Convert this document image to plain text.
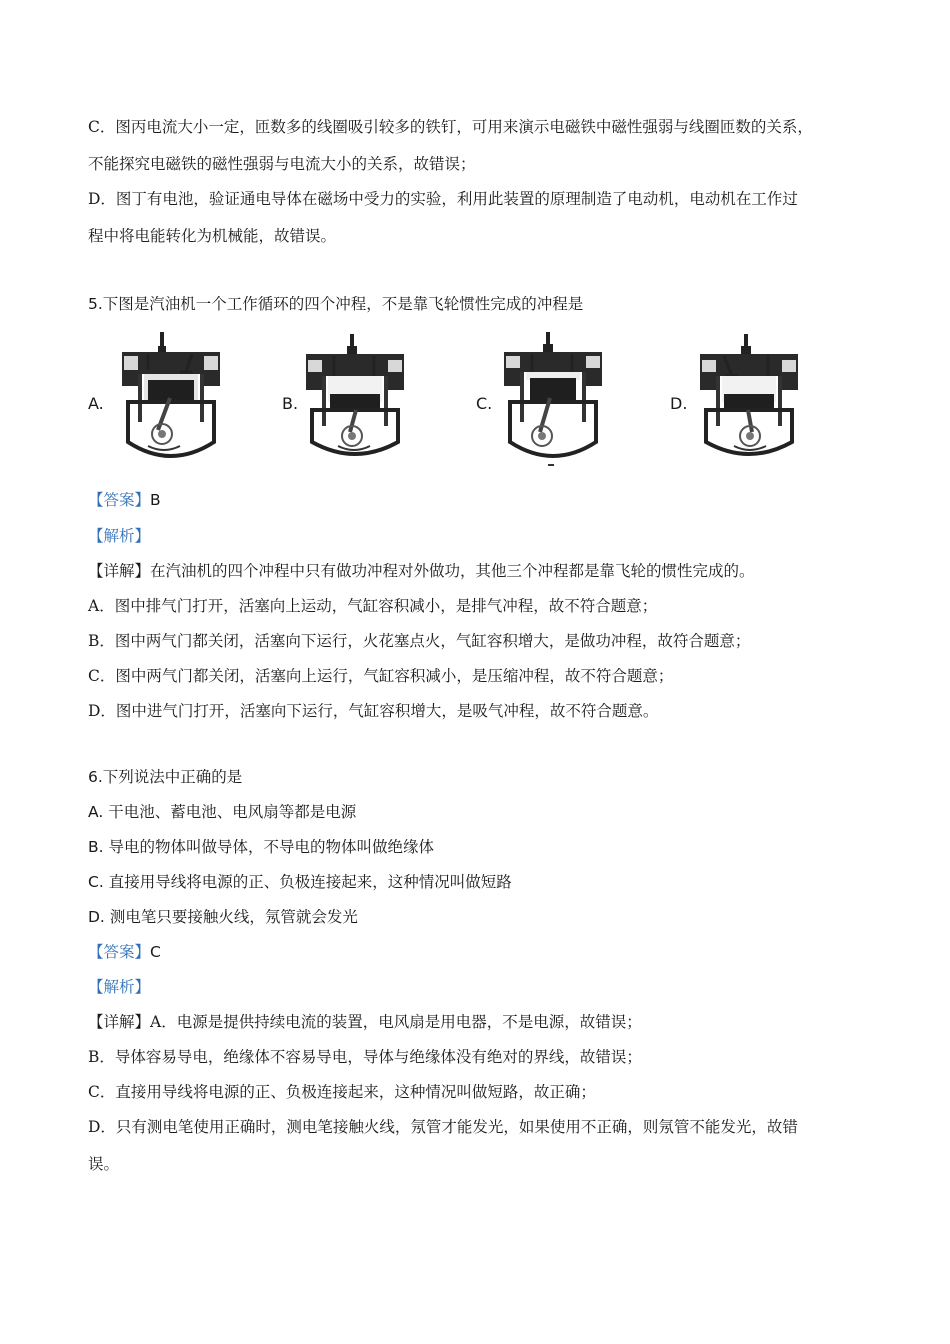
C．图丙电流大小一定，匝数多的线圈吸引较多的铁钉，可用来演示电磁铁中磁性强弱与线圈匝数的关系，
不能探究电磁铁的磁性强弱与电流大小的关系，故错误；
D．图丁有电池，验证通电导体在磁场中受力的实验，利用此装置的原理制造了电动机，电动机在工作过
程中将电能转化为机械能，故错误。
5.下图是汽油机一个工作循环的四个冲程，不是靠飞轮惯性完成的冲程是
A.	B.	C.	D.
【答案】B
【解析】
【详解】在汽油机的四个冲程中只有做功冲程对外做功，其他三个冲程都是靠飞轮的惯性完成的。
A．图中排气门打开，活塞向上运动，气缸容积减小，是排气冲程，故不符合题意；
B．图中两气门都关闭，活塞向下运行，火花塞点火，气缸容积增大，是做功冲程，故符合题意；
C．图中两气门都关闭，活塞向上运行，气缸容积减小，是压缩冲程，故不符合题意；
D．图中进气门打开，活塞向下运行，气缸容积增大，是吸气冲程，故不符合题意。
6.下列说法中正确的是
A. 干电池、蓄电池、电风扇等都是电源
B. 导电的物体叫做导体，不导电的物体叫做绝缘体
C. 直接用导线将电源的正、负极连接起来，这种情况叫做短路
D. 测电笔只要接触火线，氖管就会发光
【答案】C
【解析】
【详解】A．电源是提供持续电流的装置，电风扇是用电器，不是电源，故错误；
B．导体容易导电，绝缘体不容易导电，导体与绝缘体没有绝对的界线，故错误；
C．直接用导线将电源的正、负极连接起来，这种情况叫做短路，故正确；
D．只有测电笔使用正确时，测电笔接触火线，氖管才能发光，如果使用不正确，则氖管不能发光，故错
误。
